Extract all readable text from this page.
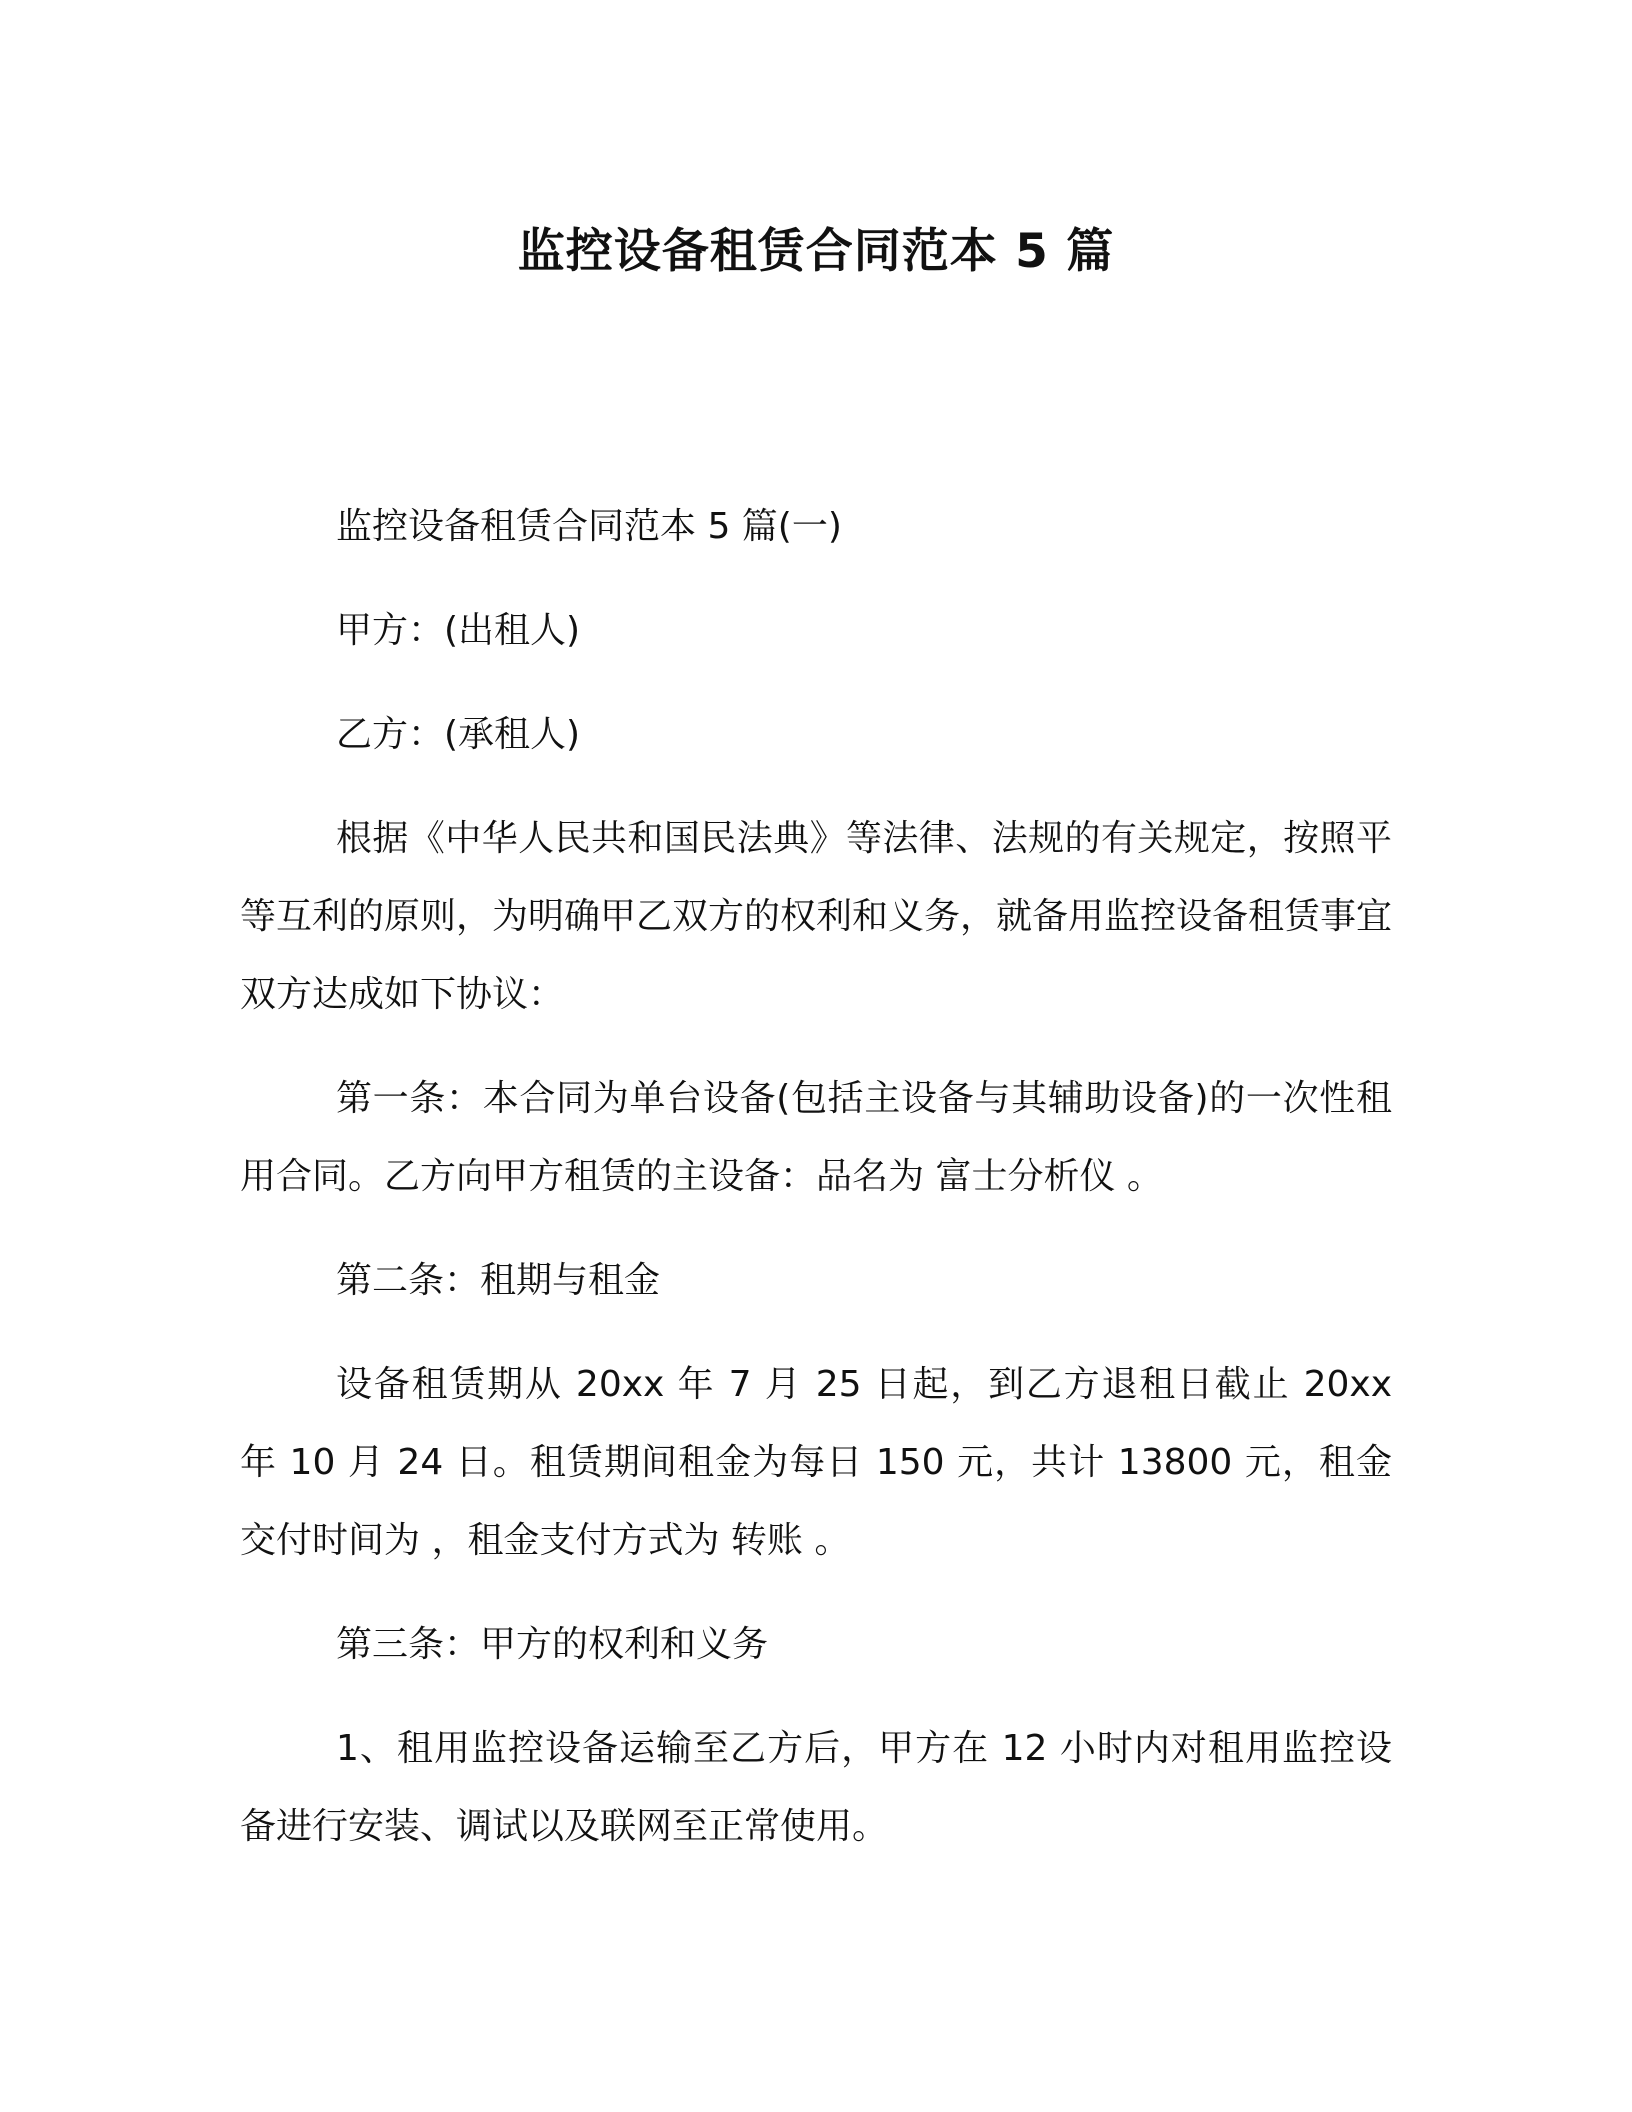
监控设备租赁合同范本 5 篇

监控设备租赁合同范本 5 篇(一)

甲方：(出租人)

乙方：(承租人)

根据《中华人民共和国民法典》等法律、法规的有关规定，按照平等互利的原则，为明确甲乙双方的权利和义务，就备用监控设备租赁事宜双方达成如下协议：

第一条：本合同为单台设备(包括主设备与其辅助设备)的一次性租用合同。乙方向甲方租赁的主设备：品名为 富士分析仪 。

第二条：租期与租金

设备租赁期从 20xx 年 7 月 25 日起，到乙方退租日截止 20xx 年 10 月 24 日。租赁期间租金为每日 150 元，共计 13800 元，租金交付时间为 ，租金支付方式为 转账 。

第三条：甲方的权利和义务

1、租用监控设备运输至乙方后，甲方在 12 小时内对租用监控设备进行安装、调试以及联网至正常使用。
